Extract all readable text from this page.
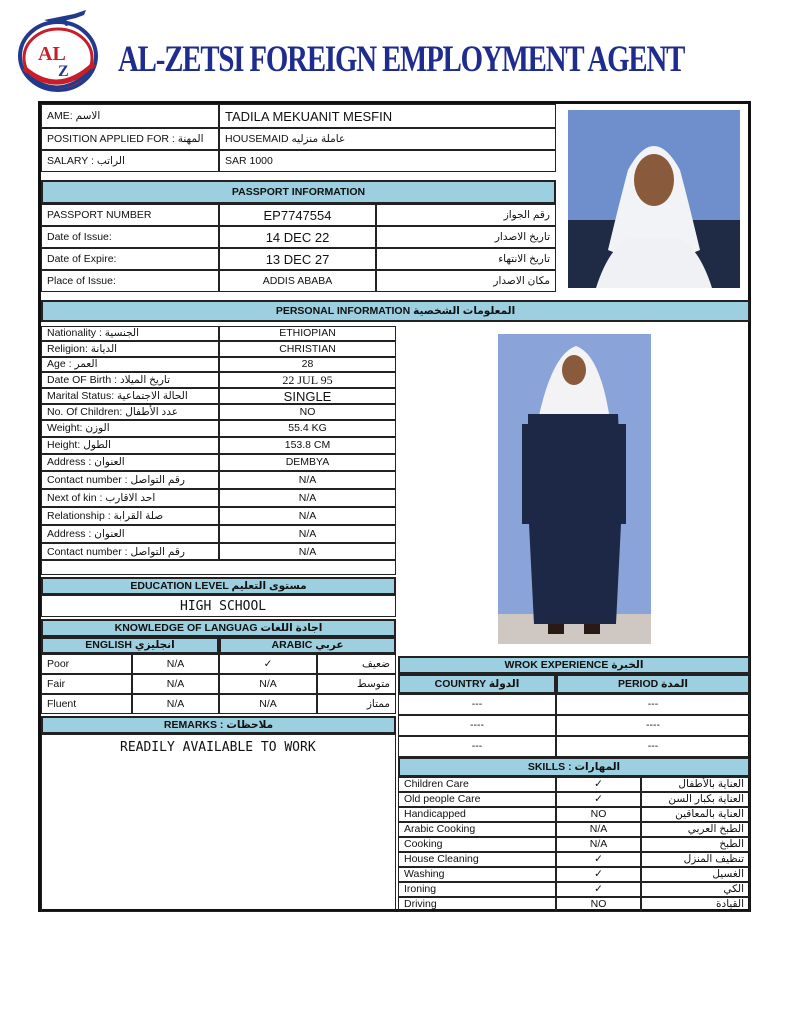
AL
Z AL-ZETSI FOREIGN EMPLOYMENT AGENT
AME: الاسم	TADILA MEKUANIT MESFIN
POSITION APPLIED FOR : المهنة	HOUSEMAID عاملة منزليه
SALARY : الراتب	SAR 1000
PASSPORT INFORMATION
PASSPORT NUMBER	EP7747554	رقم الجواز
Date of Issue:	14 DEC 22	تاريخ الاصدار
Date of Expire:	13 DEC 27	تاريخ الانتهاء
Place of Issue:	ADDIS ABABA	مكان الاصدار
PERSONAL INFORMATION المعلومات الشخصية
Nationality : الجنسية	ETHIOPIAN
Religion: الديانة	CHRISTIAN
Age : العمر	28
Date OF Birth : تاريخ الميلاد	22 JUL 95
Marital Status: الحالة الاجتماعية	SINGLE
No. Of Children: عدد الأطفال	NO
Weight: الوزن	55.4 KG
Height: الطول	153.8 CM
Address : العنوان	DEMBYA
Contact number : رقم التواصل	N/A
Next of kin : احد الاقارب	N/A
Relationship : صلة القرابة	N/A
Address : العنوان	N/A
Contact number : رقم التواصل	N/A
EDUCATION LEVEL مستوى التعليم
HIGH SCHOOL
KNOWLEDGE OF LANGUAG اجادة اللغات
ENGLISH انجليزي	ARABIC عربي
Poor	N/A	✓	ضعيف
Fair	N/A	N/A	متوسط
Fluent	N/A	N/A	ممتاز
REMARKS : ملاحظات
READILY AVAILABLE TO WORK
WROK EXPERIENCE الخبرة
COUNTRY الدولة	PERIOD المدة
---	---
----	----
---	---
SKILLS : المهارات
Children Care	✓	العناية بالأطفال
Old people Care	✓	العناية بكبار السن
Handicapped	NO	العناية بالمعاقين
Arabic Cooking	N/A	الطبخ العربي
Cooking	N/A	الطبخ
House Cleaning	✓	تنظيف المنزل
Washing	✓	الغسيل
Ironing	✓	الكي
Driving	NO	القيادة
